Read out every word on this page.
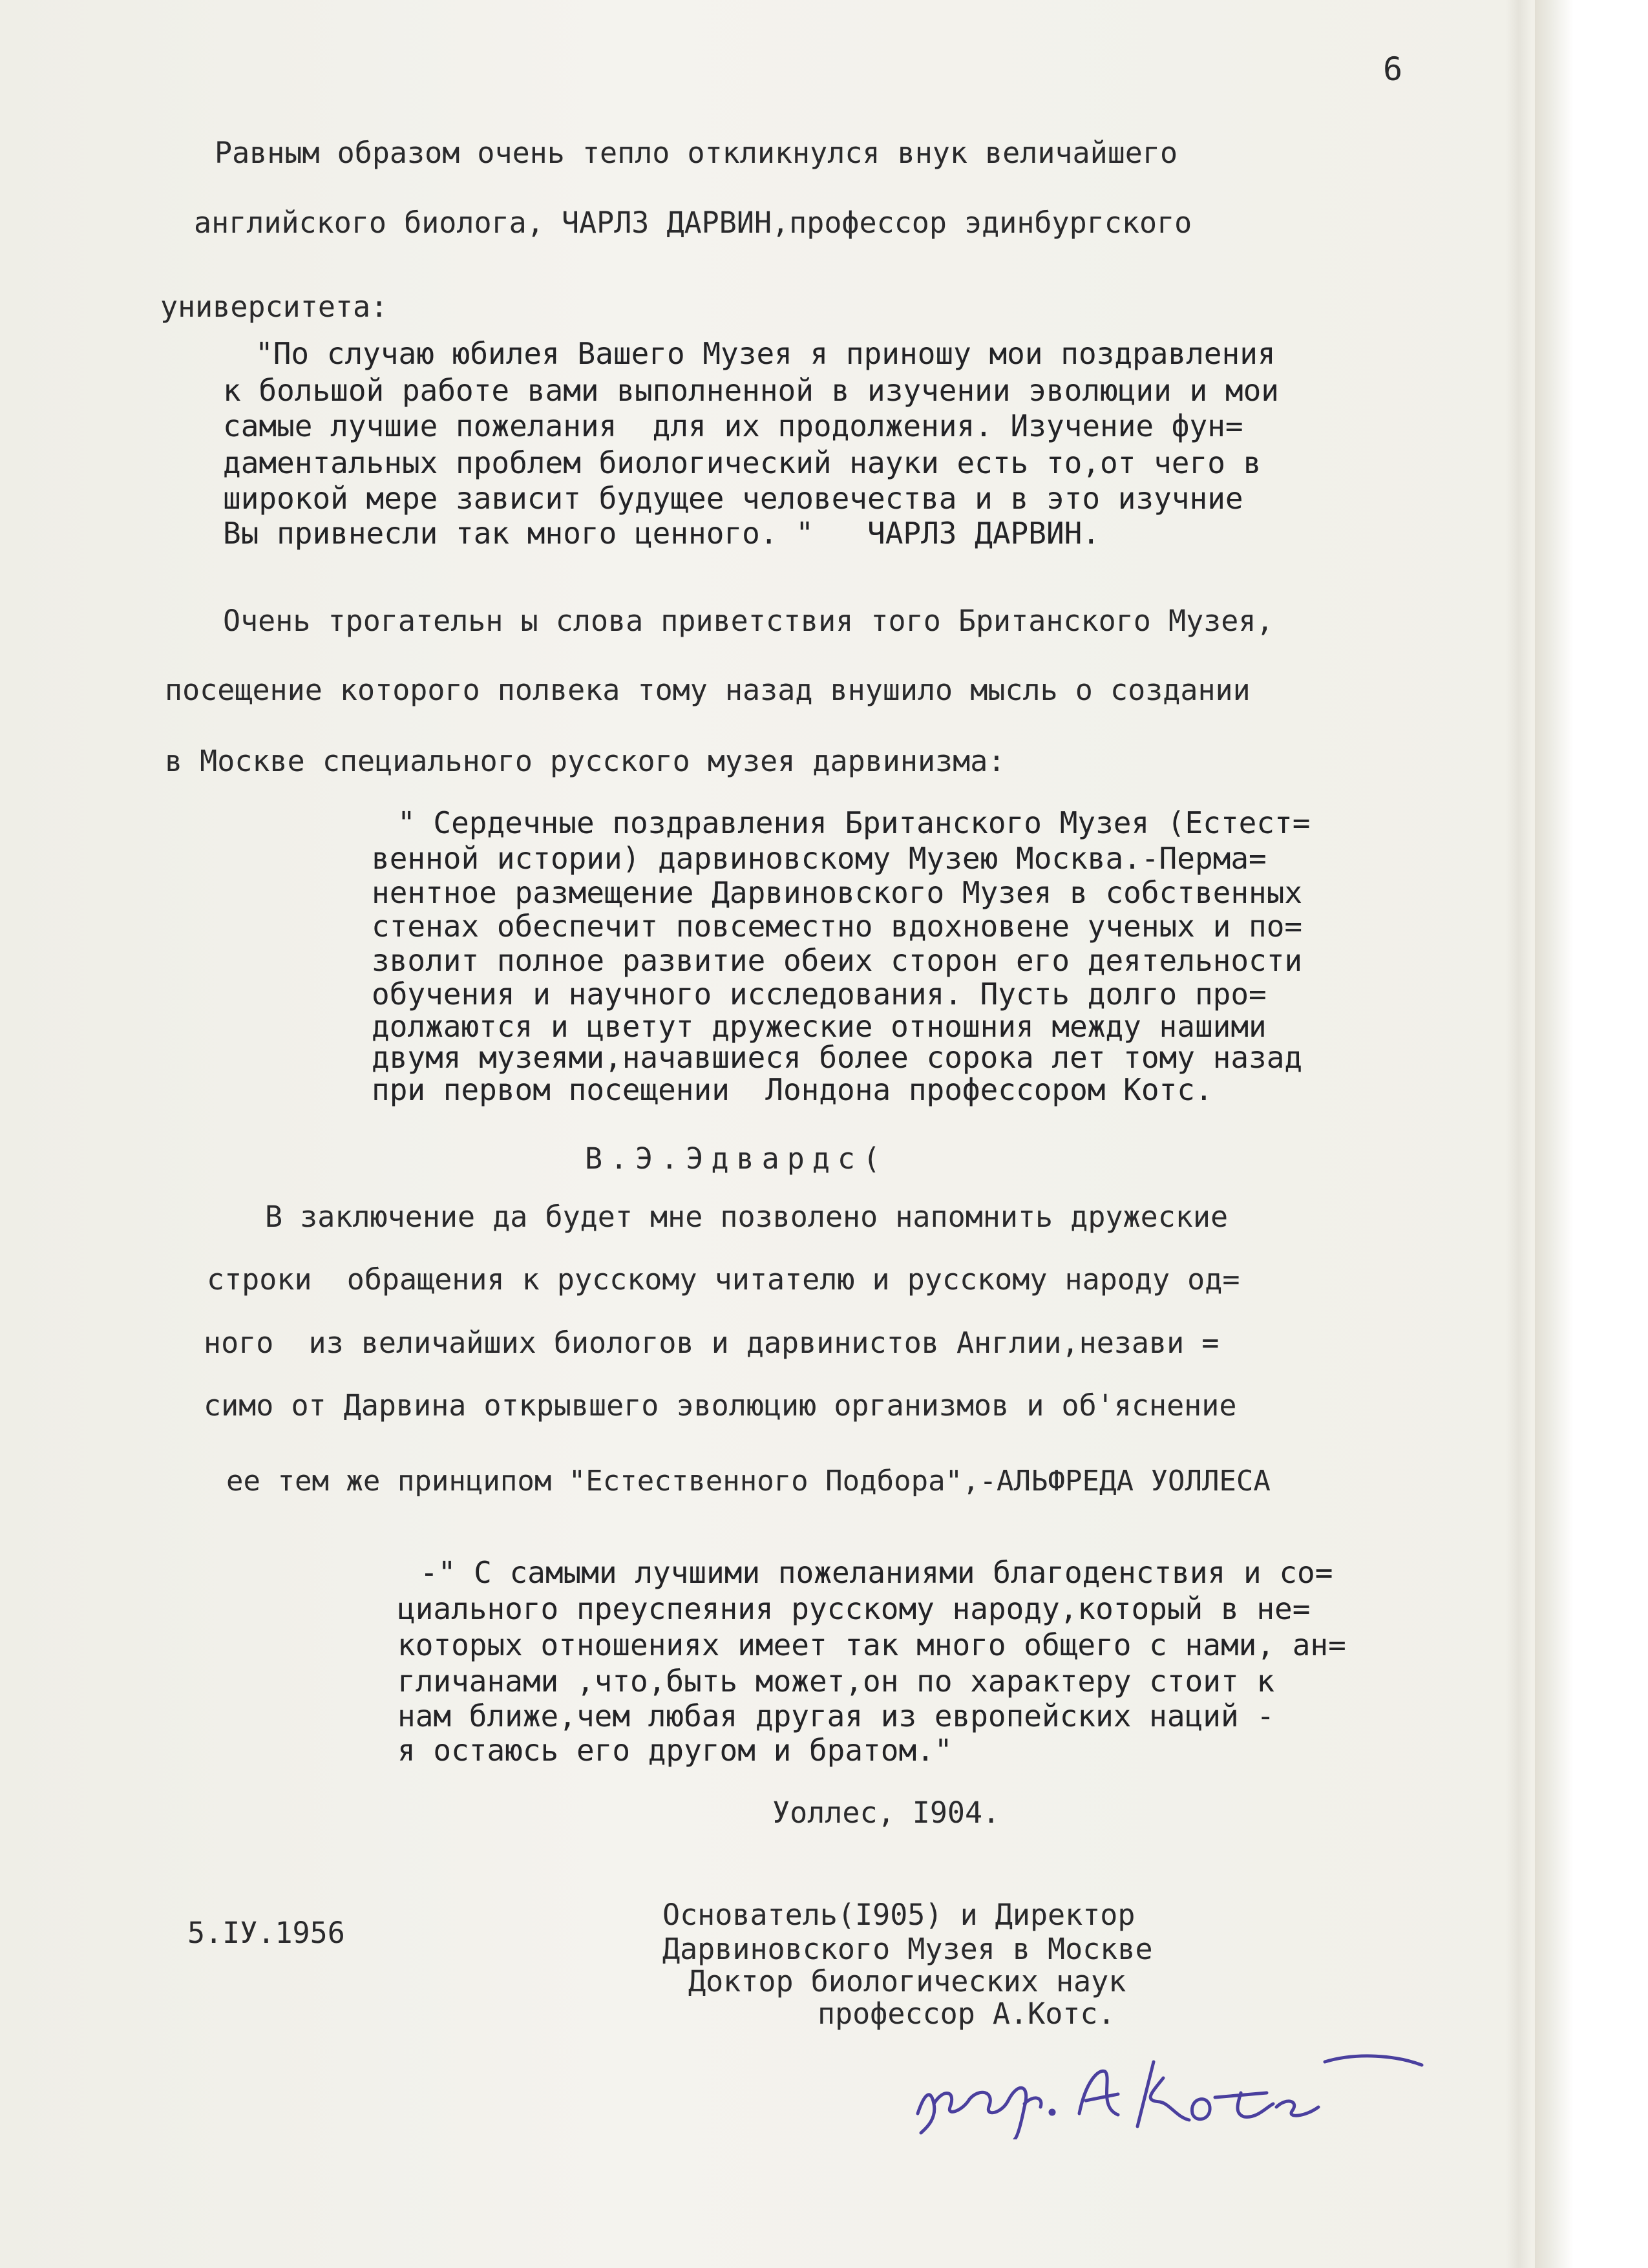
6
Равным образом очень тепло откликнулся внук величайшего
английского биолога, ЧАРЛЗ ДАРВИН,профессор эдинбургского
университета:
"По случаю юбилея Вашего Музея я приношу мои поздравления
к большой работе вами выполненной в изучении эволюции и мои
самые лучшие пожелания  для их продолжения. Изучение фун=
даментальных проблем биологический науки есть то,от чего в
широкой мере зависит будущее человечества и в это изучние
Вы привнесли так много ценного. "   ЧАРЛЗ ДАРВИН.
Очень трогательн ы слова приветствия того Британского Музея,
посещение которого полвека тому назад внушило мысль о создании
в Москве специального русского музея дарвинизма:
" Сердечные поздравления Британского Музея (Естест=
венной истории) дарвиновскому Музею Москва.-Перма=
нентное размещение Дарвиновского Музея в собственных
стенах обеспечит повсеместно вдохновене ученых и по=
зволит полное развитие обеих сторон его деятельности
обучения и научного исследования. Пусть долго про=
должаются и цветут дружеские отношния между нашими
двумя музеями,начавшиеся более сорока лет тому назад
при первом посещении  Лондона профессором Котс.
В.Э.Эдвардс(
В заключение да будет мне позволено напомнить дружеские
строки  обращения к русскому читателю и русскому народу од=
ного  из величайших биологов и дарвинистов Англии,незави =
симо от Дарвина открывшего эволюцию организмов и об'яснение
ее тем же принципом "Естественного Подбора",-АЛЬФРЕДА УОЛЛЕСА
-" С самыми лучшими пожеланиями благоденствия и со=
циального преуспеяния русскому народу,который в не=
которых отношениях имеет так много общего с нами, ан=
гличанами ,что,быть может,он по характеру стоит к
нам ближе,чем любая другая из европейских наций -
я остаюсь его другом и братом."
Уоллес, I904.
5.IУ.1956
Основатель(I905) и Директор
Дарвиновского Музея в Москве
Доктор биологических наук
профессор А.Котс.
